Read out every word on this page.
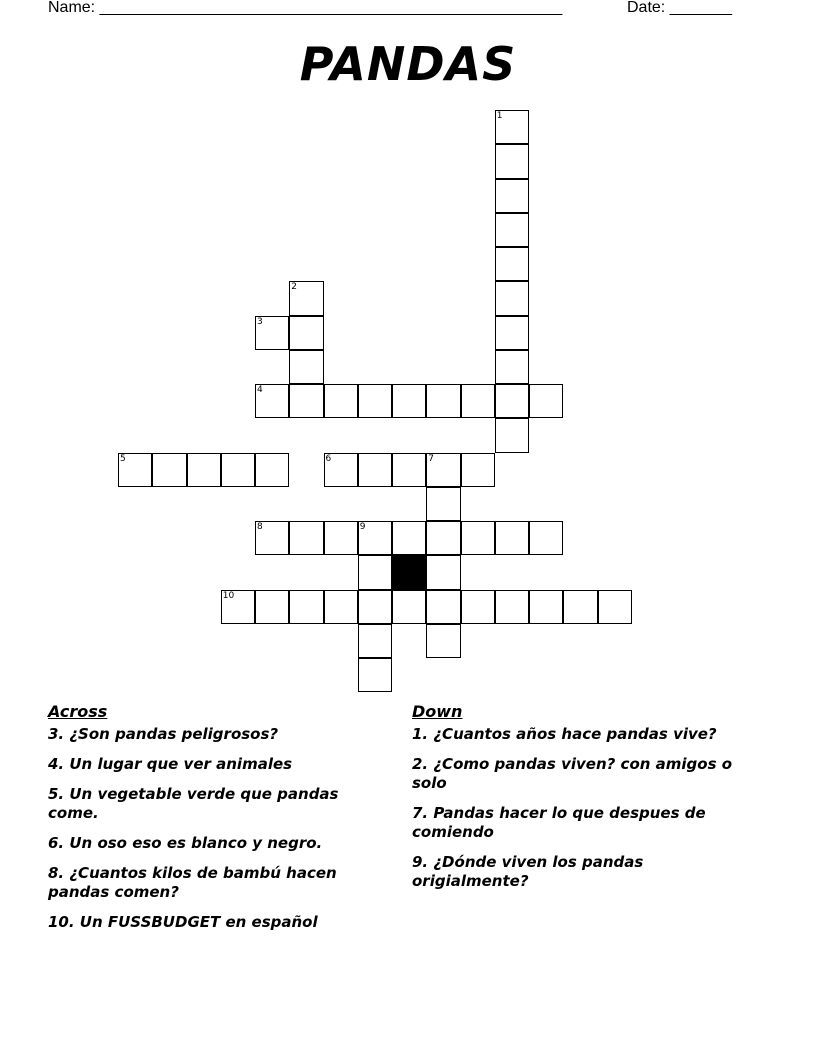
Name: ____________________________________________________	Date: _______
PANDAS
1
2
3
4
5	6	7
8	9
10
Across
3. ¿Son pandas peligrosos?
4. Un lugar que ver animales
5. Un vegetable verde que pandas come.
6. Un oso eso es blanco y negro.
8. ¿Cuantos kilos de bambú hacen pandas comen?
10. Un FUSSBUDGET en español
Down
1. ¿Cuantos años hace pandas vive?
2. ¿Como pandas viven? con amigos o solo
7. Pandas hacer lo que despues de comiendo
9. ¿Dónde viven los pandas origialmente?
